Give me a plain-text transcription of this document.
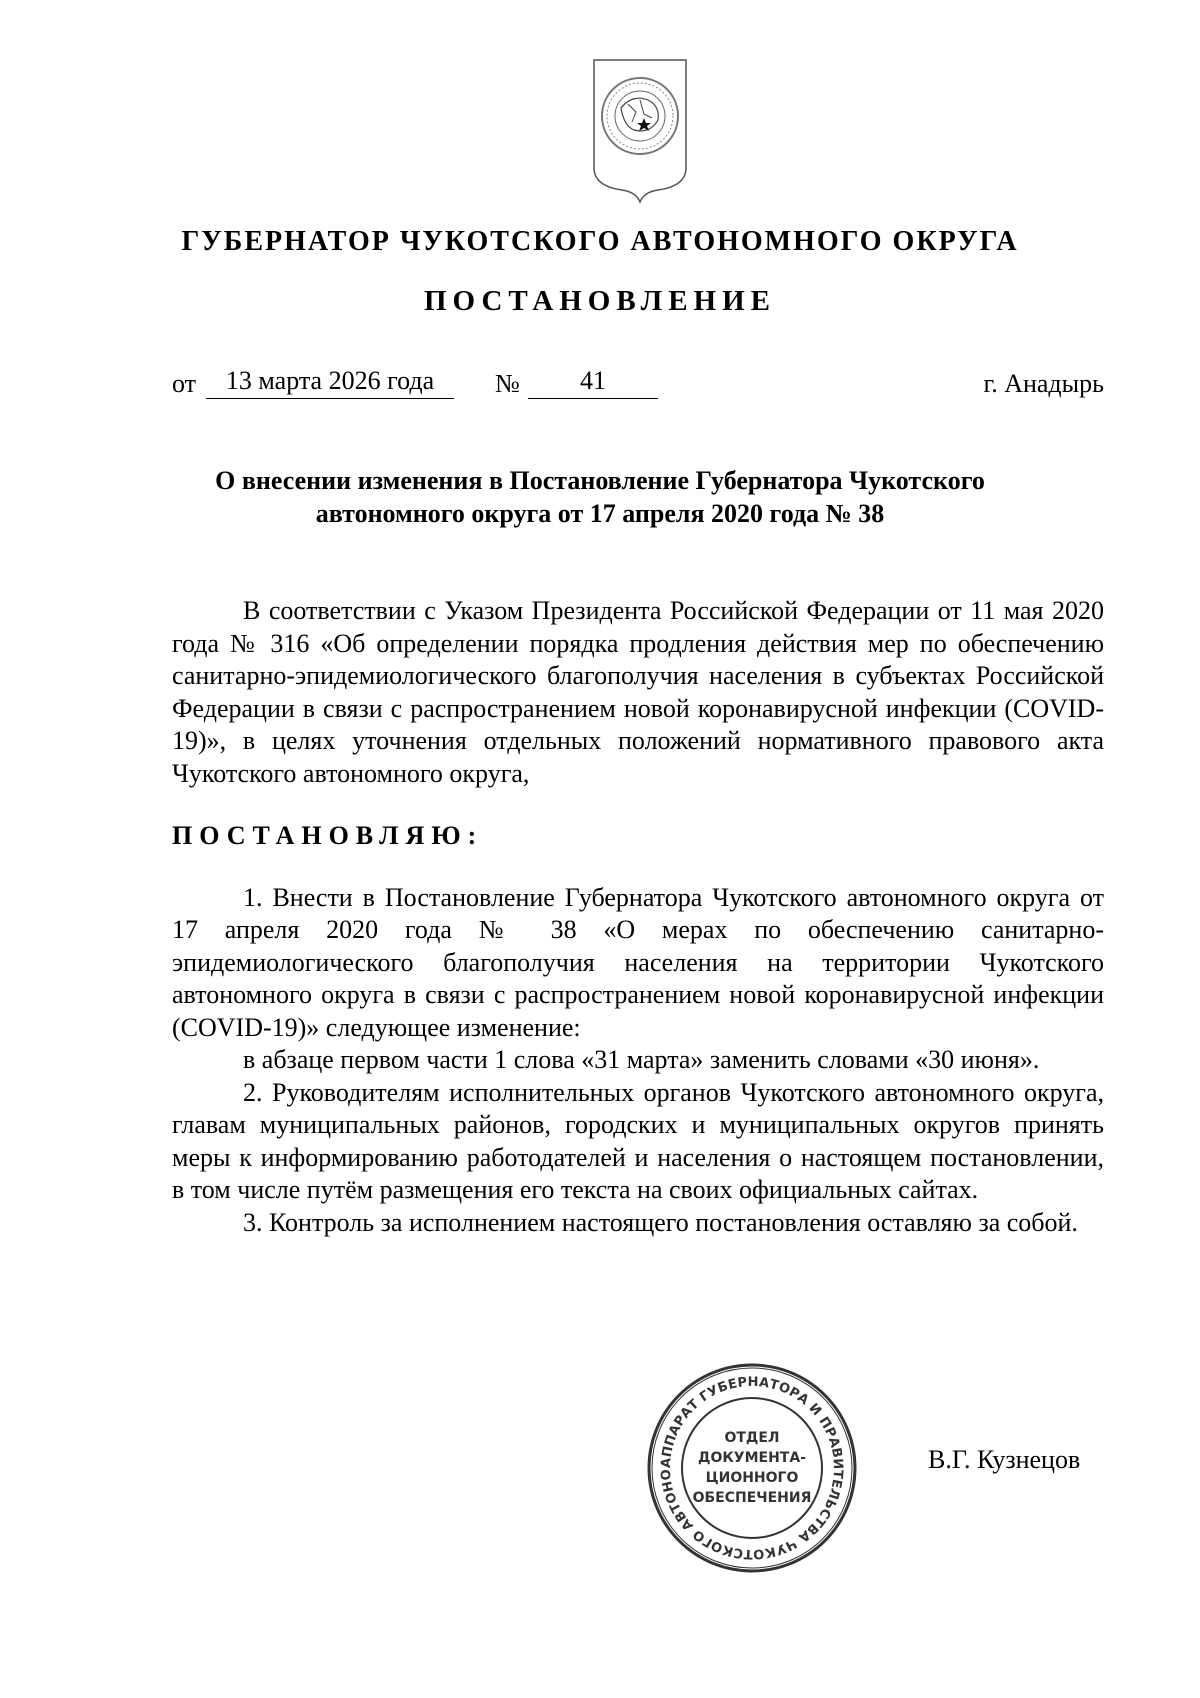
ГУБЕРНАТОР ЧУКОТСКОГО АВТОНОМНОГО ОКРУГА
ПОСТАНОВЛЕНИЕ
от	13 марта 2026 года	№	41	г. Анадырь
О внесении изменения в Постановление Губернатора Чукотского
автономного округа от 17 апреля 2020 года № 38

В соответствии с Указом Президента Российской Федерации от 11 мая 2020 года № 316 «Об определении порядка продления действия мер по обеспечению санитарно-эпидемиологического благополучия населения в субъектах Российской Федерации в связи с распространением новой коронавирусной инфекции (COVID-19)», в целях уточнения отдельных положений нормативного правового акта Чукотского автономного округа,

ПОСТАНОВЛЯЮ:

1. Внести в Постановление Губернатора Чукотского автономного округа от 17 апреля 2020 года № 38 «О мерах по обеспечению санитарно-эпидемиологического благополучия населения на территории Чукотского автономного округа в связи с распространением новой коронавирусной инфекции (COVID-19)» следующее изменение:

в абзаце первом части 1 слова «31 марта» заменить словами «30 июня».

2. Руководителям исполнительных органов Чукотского автономного округа, главам муниципальных районов, городских и муниципальных округов принять меры к информированию работодателей и населения о настоящем постановлении, в том числе путём размещения его текста на своих официальных сайтах.

3. Контроль за исполнением настоящего постановления оставляю за собой.

АППАРАТ ГУБЕРНАТОРА И ПРАВИТЕЛЬСТВА ЧУКОТСКОГО АВТОНО
ОТДЕЛ
ДОКУМЕНТА-
ЦИОННОГО
ОБЕСПЕЧЕНИЯ
В.Г. Кузнецов
